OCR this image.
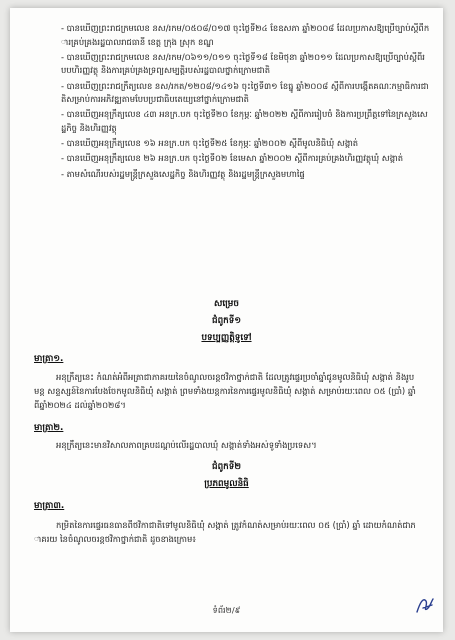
- បានឃើញព្រះរាជក្រមលេខ នស/រកម/០៥០៨/០១៧ ចុះថ្ងៃទី២៤ ខែឧសភា ឆ្នាំ២០០៨ ដែលប្រកាសឱ្យប្រើច្បាប់ស្តីពីការគ្រប់គ្រងរដ្ឋបាលរាជធានី ខេត្ត ក្រុង ស្រុក ខណ្ឌ
- បានឃើញព្រះរាជក្រមលេខ នស/រកម/០៦១១/០១១ ចុះថ្ងៃទី១៨ ខែមិថុនា ឆ្នាំ២០១១ ដែលប្រកាសឱ្យប្រើច្បាប់ស្តីពីរបបហិរញ្ញវត្ថុ និងការគ្រប់គ្រងទ្រព្យសម្បត្តិរបស់រដ្ឋបាលថ្នាក់ក្រោមជាតិ
- បានឃើញព្រះរាជក្រឹត្យលេខ នស/រកត/១២០៨/១៤១៦ ចុះថ្ងៃទី៣១ ខែធ្នូ ឆ្នាំ២០០៨ ស្តីពីការបង្កើតគណៈកម្មាធិការជាតិសម្រាប់ការអភិវឌ្ឍតាមបែបប្រជាធិបតេយ្យនៅថ្នាក់ក្រោមជាតិ
- បានឃើញអនុក្រឹត្យលេខ ៤៣ អនក្រ.បក ចុះថ្ងៃទី២០ ខែកុម្ភៈ ឆ្នាំ២០២២ ស្តីពីការរៀបចំ និងការប្រព្រឹត្តទៅនៃក្រសួងសេដ្ឋកិច្ច និងហិរញ្ញវត្ថុ
- បានឃើញអនុក្រឹត្យលេខ ១៦ អនក្រ.បក ចុះថ្ងៃទី២៥ ខែកុម្ភៈ ឆ្នាំ២០០២ ស្តីពីមូលនិធិឃុំ សង្កាត់
- បានឃើញអនុក្រឹត្យលេខ ២៦ អនក្រ.បក ចុះថ្ងៃទី០២ ខែមេសា ឆ្នាំ២០០២ ស្តីពីការគ្រប់គ្រងហិរញ្ញវត្ថុឃុំ សង្កាត់
- តាមសំណើរបស់រដ្ឋមន្ត្រីក្រសួងសេដ្ឋកិច្ច និងហិរញ្ញវត្ថុ និងរដ្ឋមន្ត្រីក្រសួងមហាផ្ទៃ
សម្រេច
ជំពូកទី១
បទប្បញ្ញត្តិទូទៅ
មាត្រា១.
អនុក្រឹត្យនេះ កំណត់អំពីអត្រាជាភាគរយនៃចំណូលចរន្តថវិកាថ្នាក់ជាតិ ដែលត្រូវផ្ទេរប្រចាំឆ្នាំជូនមូលនិធិឃុំ សង្កាត់ និងរូបមន្ត សន្ទស្សន៍នៃការបែងចែកមូលនិធិឃុំ សង្កាត់ ព្រមទាំងយន្តការនៃការផ្ទេរមូលនិធិឃុំ សង្កាត់ សម្រាប់រយៈពេល ០៥ (ប្រាំ) ឆ្នាំ ពីឆ្នាំ២០២៤ ដល់ឆ្នាំ២០២៨។
មាត្រា២.
អនុក្រឹត្យនេះមានវិសាលភាពគ្របដណ្តប់លើរដ្ឋបាលឃុំ សង្កាត់ទាំងអស់ទូទាំងប្រទេស។
ជំពូកទី២
ប្រភពមូលនិធិ
មាត្រា៣.
កម្រិតនៃការផ្ទេរធនធានពីថវិកាជាតិទៅមូលនិធិឃុំ សង្កាត់ ត្រូវកំណត់សម្រាប់រយៈពេល ០៥ (ប្រាំ) ឆ្នាំ ដោយកំណត់ជាភាគរយ នៃចំណូលចរន្តថវិកាថ្នាក់ជាតិ ដូចខាងក្រោម៖
ទំព័រ២/៩
